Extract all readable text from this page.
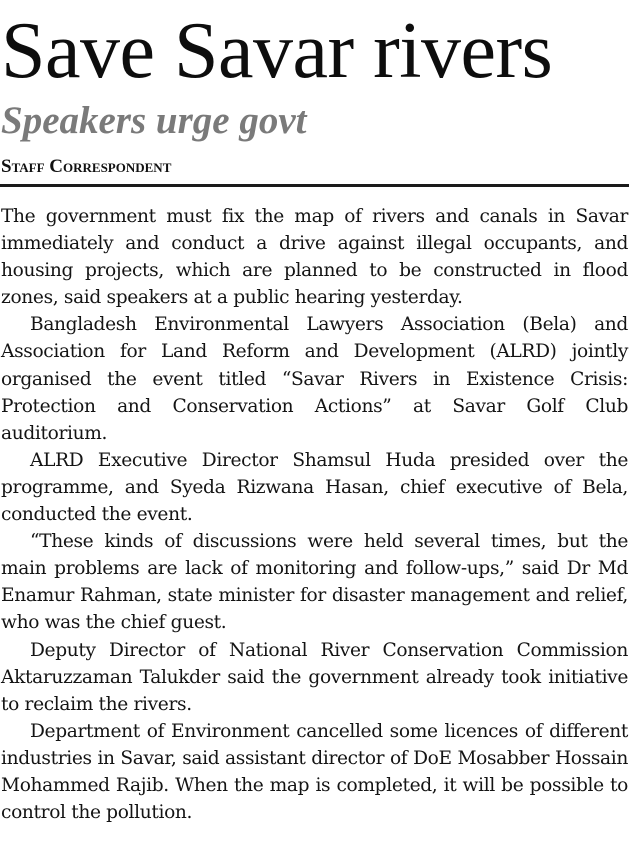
Save Savar rivers
Speakers urge govt
Staff Correspondent

The government must fix the map of rivers and canals in Savar immediately and conduct a drive against illegal occupants, and housing projects, which are planned to be constructed in flood zones, said speakers at a public hearing yesterday.

Bangladesh Environmental Lawyers Association (Bela) and Association for Land Reform and Development (ALRD) jointly organised the event titled “Savar Rivers in Existence Crisis: Protection and Conservation Actions” at Savar Golf Club auditorium.

ALRD Executive Director Shamsul Huda presided over the programme, and Syeda Rizwana Hasan, chief executive of Bela, conducted the event.

“These kinds of discussions were held several times, but the main problems are lack of monitoring and follow-ups,” said Dr Md Enamur Rahman, state minister for disaster management and relief, who was the chief guest.

Deputy Director of National River Conservation Commission Aktaruzzaman Talukder said the government already took initiative to reclaim the rivers.

Department of Environment cancelled some licences of different industries in Savar, said assistant director of DoE Mosabber Hossain Mohammed Rajib. When the map is completed, it will be possible to control the pollution.
